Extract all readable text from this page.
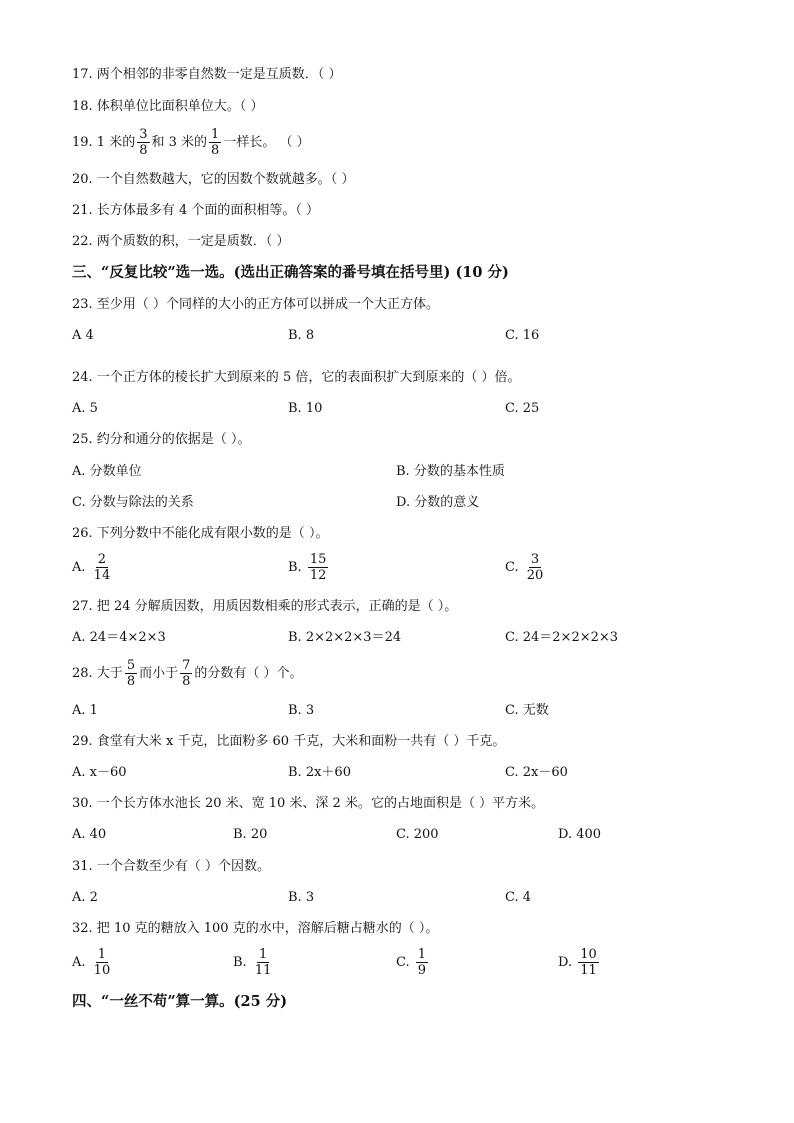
17. 两个相邻的非零自然数一定是互质数．（ ）
18. 体积单位比面积单位大。（ ）
19. 1 米的 $\frac{3}{8}$ 和 3 米的 $\frac{1}{8}$ 一样长。 （ ）
20. 一个自然数越大，它的因数个数就越多。（ ）
21. 长方体最多有 4 个面的面积相等。（ ）
22. 两个质数的积，一定是质数．（ ）
三、“反复比较”选一选。(选出正确答案的番号填在括号里) (10 分)
23. 至少用（ ）个同样的大小的正方体可以拼成一个大正方体。
A 4	B. 8	C. 16
24. 一个正方体的棱长扩大到原来的 5 倍，它的表面积扩大到原来的（ ）倍。
A. 5	B. 10	C. 25
25. 约分和通分的依据是（ ）。
A. 分数单位	B. 分数的基本性质
C. 分数与除法的关系	D. 分数的意义
26. 下列分数中不能化成有限小数的是（ ）。
A. $\frac{2}{14}$	B. $\frac{15}{12}$	C. $\frac{3}{20}$
27. 把 24 分解质因数，用质因数相乘的形式表示，正确的是（ ）。
A. 24＝4×2×3	B. 2×2×2×3＝24	C. 24＝2×2×2×3
28. 大于 $\frac{5}{8}$ 而小于 $\frac{7}{8}$ 的分数有（ ）个。
A. 1	B. 3	C. 无数
29. 食堂有大米 x 千克，比面粉多 60 千克，大米和面粉一共有（ ）千克。
A. x－60	B. 2x＋60	C. 2x－60
30. 一个长方体水池长 20 米、宽 10 米、深 2 米。它的占地面积是（ ）平方米。
A. 40	B. 20	C. 200	D. 400
31. 一个合数至少有（ ）个因数。
A. 2	B. 3	C. 4
32. 把 10 克的糖放入 100 克的水中，溶解后糖占糖水的（ ）。
A. $\frac{1}{10}$	B. $\frac{1}{11}$	C. $\frac{1}{9}$	D. $\frac{10}{11}$
四、“一丝不苟”算一算。(25 分)
